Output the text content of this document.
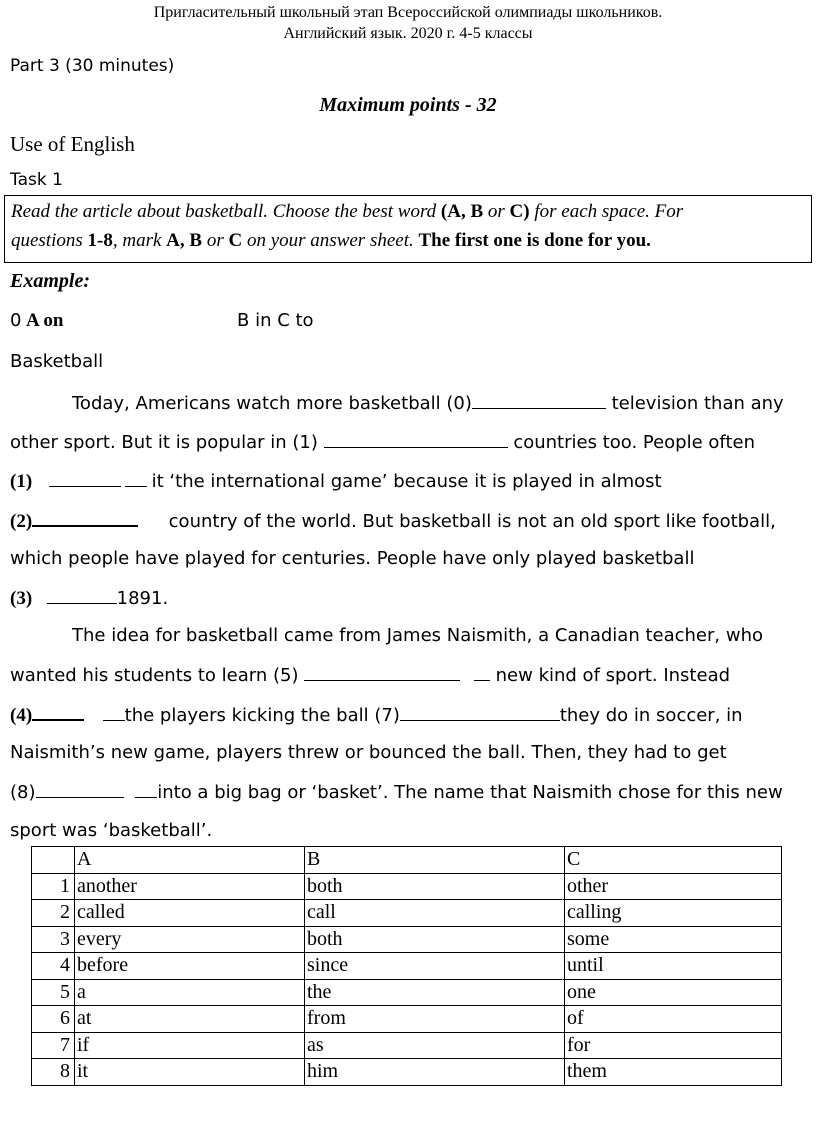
Пригласительный школьный этап Всероссийской олимпиады школьников.
Английский язык. 2020 г. 4-5 классы
Part 3 (30 minutes)
Maximum points - 32
Use of English
Task 1
Read the article about basketball. Choose the best word (A, B or C) for each space. For
questions 1-8, mark A, B or C on your answer sheet. The first one is done for you.
Example:
0 A on	B in C to
Basketball
Today, Americans watch more basketball (0)	television than any
other sport. But it is popular in (1)	countries too. People often
(1)	it ‘the international game’ because it is played in almost
(2)	country of the world. But basketball is not an old sport like football,
which people have played for centuries. People have only played basketball
(3)	1891.
The idea for basketball came from James Naismith, a Canadian teacher, who
wanted his students to learn (5)	new kind of sport. Instead
(4)	the players kicking the ball (7)	they do in soccer, in
Naismith’s new game, players threw or bounced the ball. Then, they had to get
(8)	into a big bag or ‘basket’. The name that Naismith chose for this new
sport was ‘basketball’.
	A	B	C
1	another	both	other
2	called	call	calling
3	every	both	some
4	before	since	until
5	a	the	one
6	at	from	of
7	if	as	for
8	it	him	them
